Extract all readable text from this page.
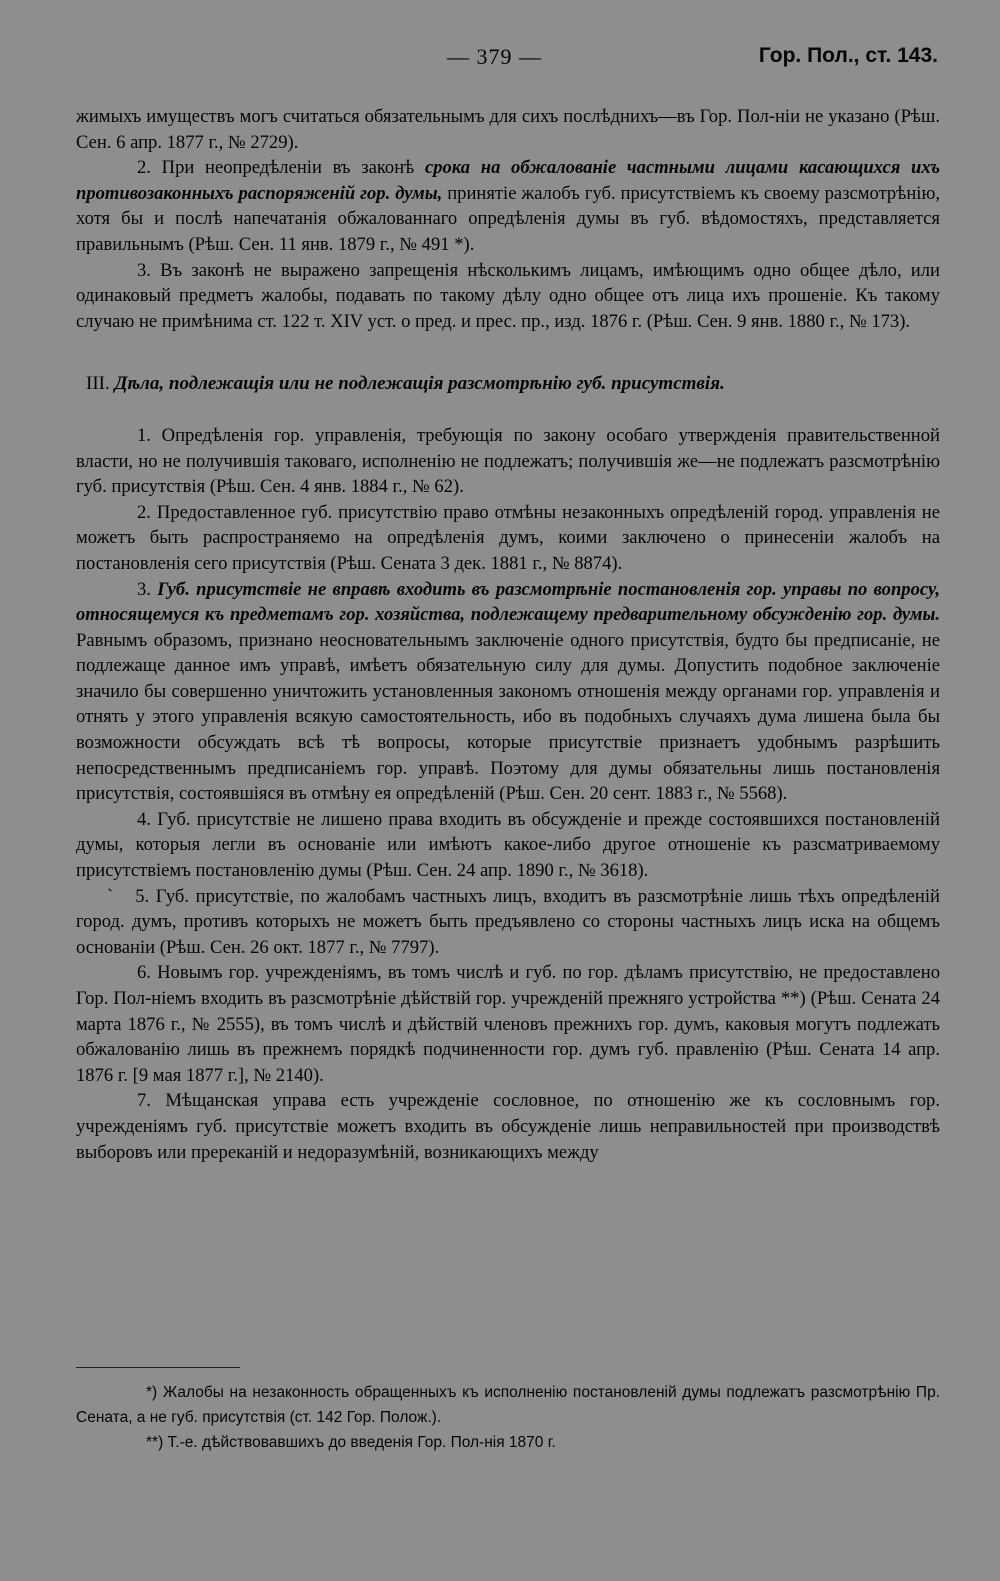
— 379 —	Гор. Пол., ст. 143.

жимыхъ имуществъ могъ считаться обязательнымъ для сихъ послѣднихъ—въ Гор. Пол-ніи не указано (Рѣш. Сен. 6 апр. 1877 г., № 2729).

2. При неопредѣленіи въ законѣ срока на обжалованіе частными лицами касающихся ихъ противозаконныхъ распоряженій гор. думы, принятіе жалобъ губ. присутствіемъ къ своему разсмотрѣнію, хотя бы и послѣ напечатанія обжалованнаго опредѣленія думы въ губ. вѣдомостяхъ, представляется правильнымъ (Рѣш. Сен. 11 янв. 1879 г., № 491 *).

3. Въ законѣ не выражено запрещенія нѣсколькимъ лицамъ, имѣющимъ одно общее дѣло, или одинаковый предметъ жалобы, подавать по такому дѣлу одно общее отъ лица ихъ прошеніе. Къ такому случаю не примѣнима ст. 122 т. XIV уст. о пред. и прес. пр., изд. 1876 г. (Рѣш. Сен. 9 янв. 1880 г., № 173).

III. Дѣла, подлежащія или не подлежащія разсмотрѣнію губ. присутствія.

1. Опредѣленія гор. управленія, требующія по закону особаго утвержденія правительственной власти, но не получившія таковаго, исполненію не подлежатъ; получившія же—не подлежатъ разсмотрѣнію губ. присутствія (Рѣш. Сен. 4 янв. 1884 г., № 62).

2. Предоставленное губ. присутствію право отмѣны незаконныхъ опредѣленій город. управленія не можетъ быть распространяемо на опредѣленія думъ, коими заключено о принесеніи жалобъ на постановленія сего присутствія (Рѣш. Сената 3 дек. 1881 г., № 8874).

3. Губ. присутствіе не вправѣ входить въ разсмотрѣніе постановленія гор. управы по вопросу, относящемуся къ предметамъ гор. хозяйства, подлежащему предварительному обсужденію гор. думы. Равнымъ образомъ, признано неосновательнымъ заключеніе одного присутствія, будто бы предписаніе, не подлежаще данное имъ управѣ, имѣетъ обязательную силу для думы. Допустить подобное заключеніе значило бы совершенно уничтожить установленныя закономъ отношенія между органами гор. управленія и отнять у этого управленія всякую самостоятельность, ибо въ подобныхъ случаяхъ дума лишена была бы возможности обсуждать всѣ тѣ вопросы, которые присутствіе признаетъ удобнымъ разрѣшить непосредственнымъ предписаніемъ гор. управѣ. Поэтому для думы обязательны лишь постановленія присутствія, состоявшіяся въ отмѣну ея опредѣленій (Рѣш. Сен. 20 сент. 1883 г., № 5568).

4. Губ. присутствіе не лишено права входить въ обсужденіе и прежде состоявшихся постановленій думы, которыя легли въ основаніе или имѣютъ какое-либо другое отношеніе къ разсматриваемому присутствіемъ постановленію думы (Рѣш. Сен. 24 апр. 1890 г., № 3618).

` 5. Губ. присутствіе, по жалобамъ частныхъ лицъ, входитъ въ разсмотрѣніе лишь тѣхъ опредѣленій город. думъ, противъ которыхъ не можетъ быть предъявлено со стороны частныхъ лицъ иска на общемъ основаніи (Рѣш. Сен. 26 окт. 1877 г., № 7797).

6. Новымъ гор. учрежденіямъ, въ томъ числѣ и губ. по гор. дѣламъ присутствію, не предоставлено Гор. Пол-ніемъ входить въ разсмотрѣніе дѣйствій гор. учрежденій прежняго устройства **) (Рѣш. Сената 24 марта 1876 г., № 2555), въ томъ числѣ и дѣйствій членовъ прежнихъ гор. думъ, каковыя могутъ подлежать обжалованію лишь въ прежнемъ порядкѣ подчиненности гор. думъ губ. правленію (Рѣш. Сената 14 апр. 1876 г. [9 мая 1877 г.], № 2140).

7. Мѣщанская управа есть учрежденіе сословное, по отношенію же къ сословнымъ гор. учрежденіямъ губ. присутствіе можетъ входить въ обсужденіе лишь неправильностей при производствѣ выборовъ или пререканій и недоразумѣній, возникающихъ между

*) Жалобы на незаконность обращенныхъ къ исполненію постановленій думы подлежатъ разсмотрѣнію Пр. Сената, а не губ. присутствія (ст. 142 Гор. Полож.).

**) Т.-е. дѣйствовавшихъ до введенія Гор. Пол-нія 1870 г.
